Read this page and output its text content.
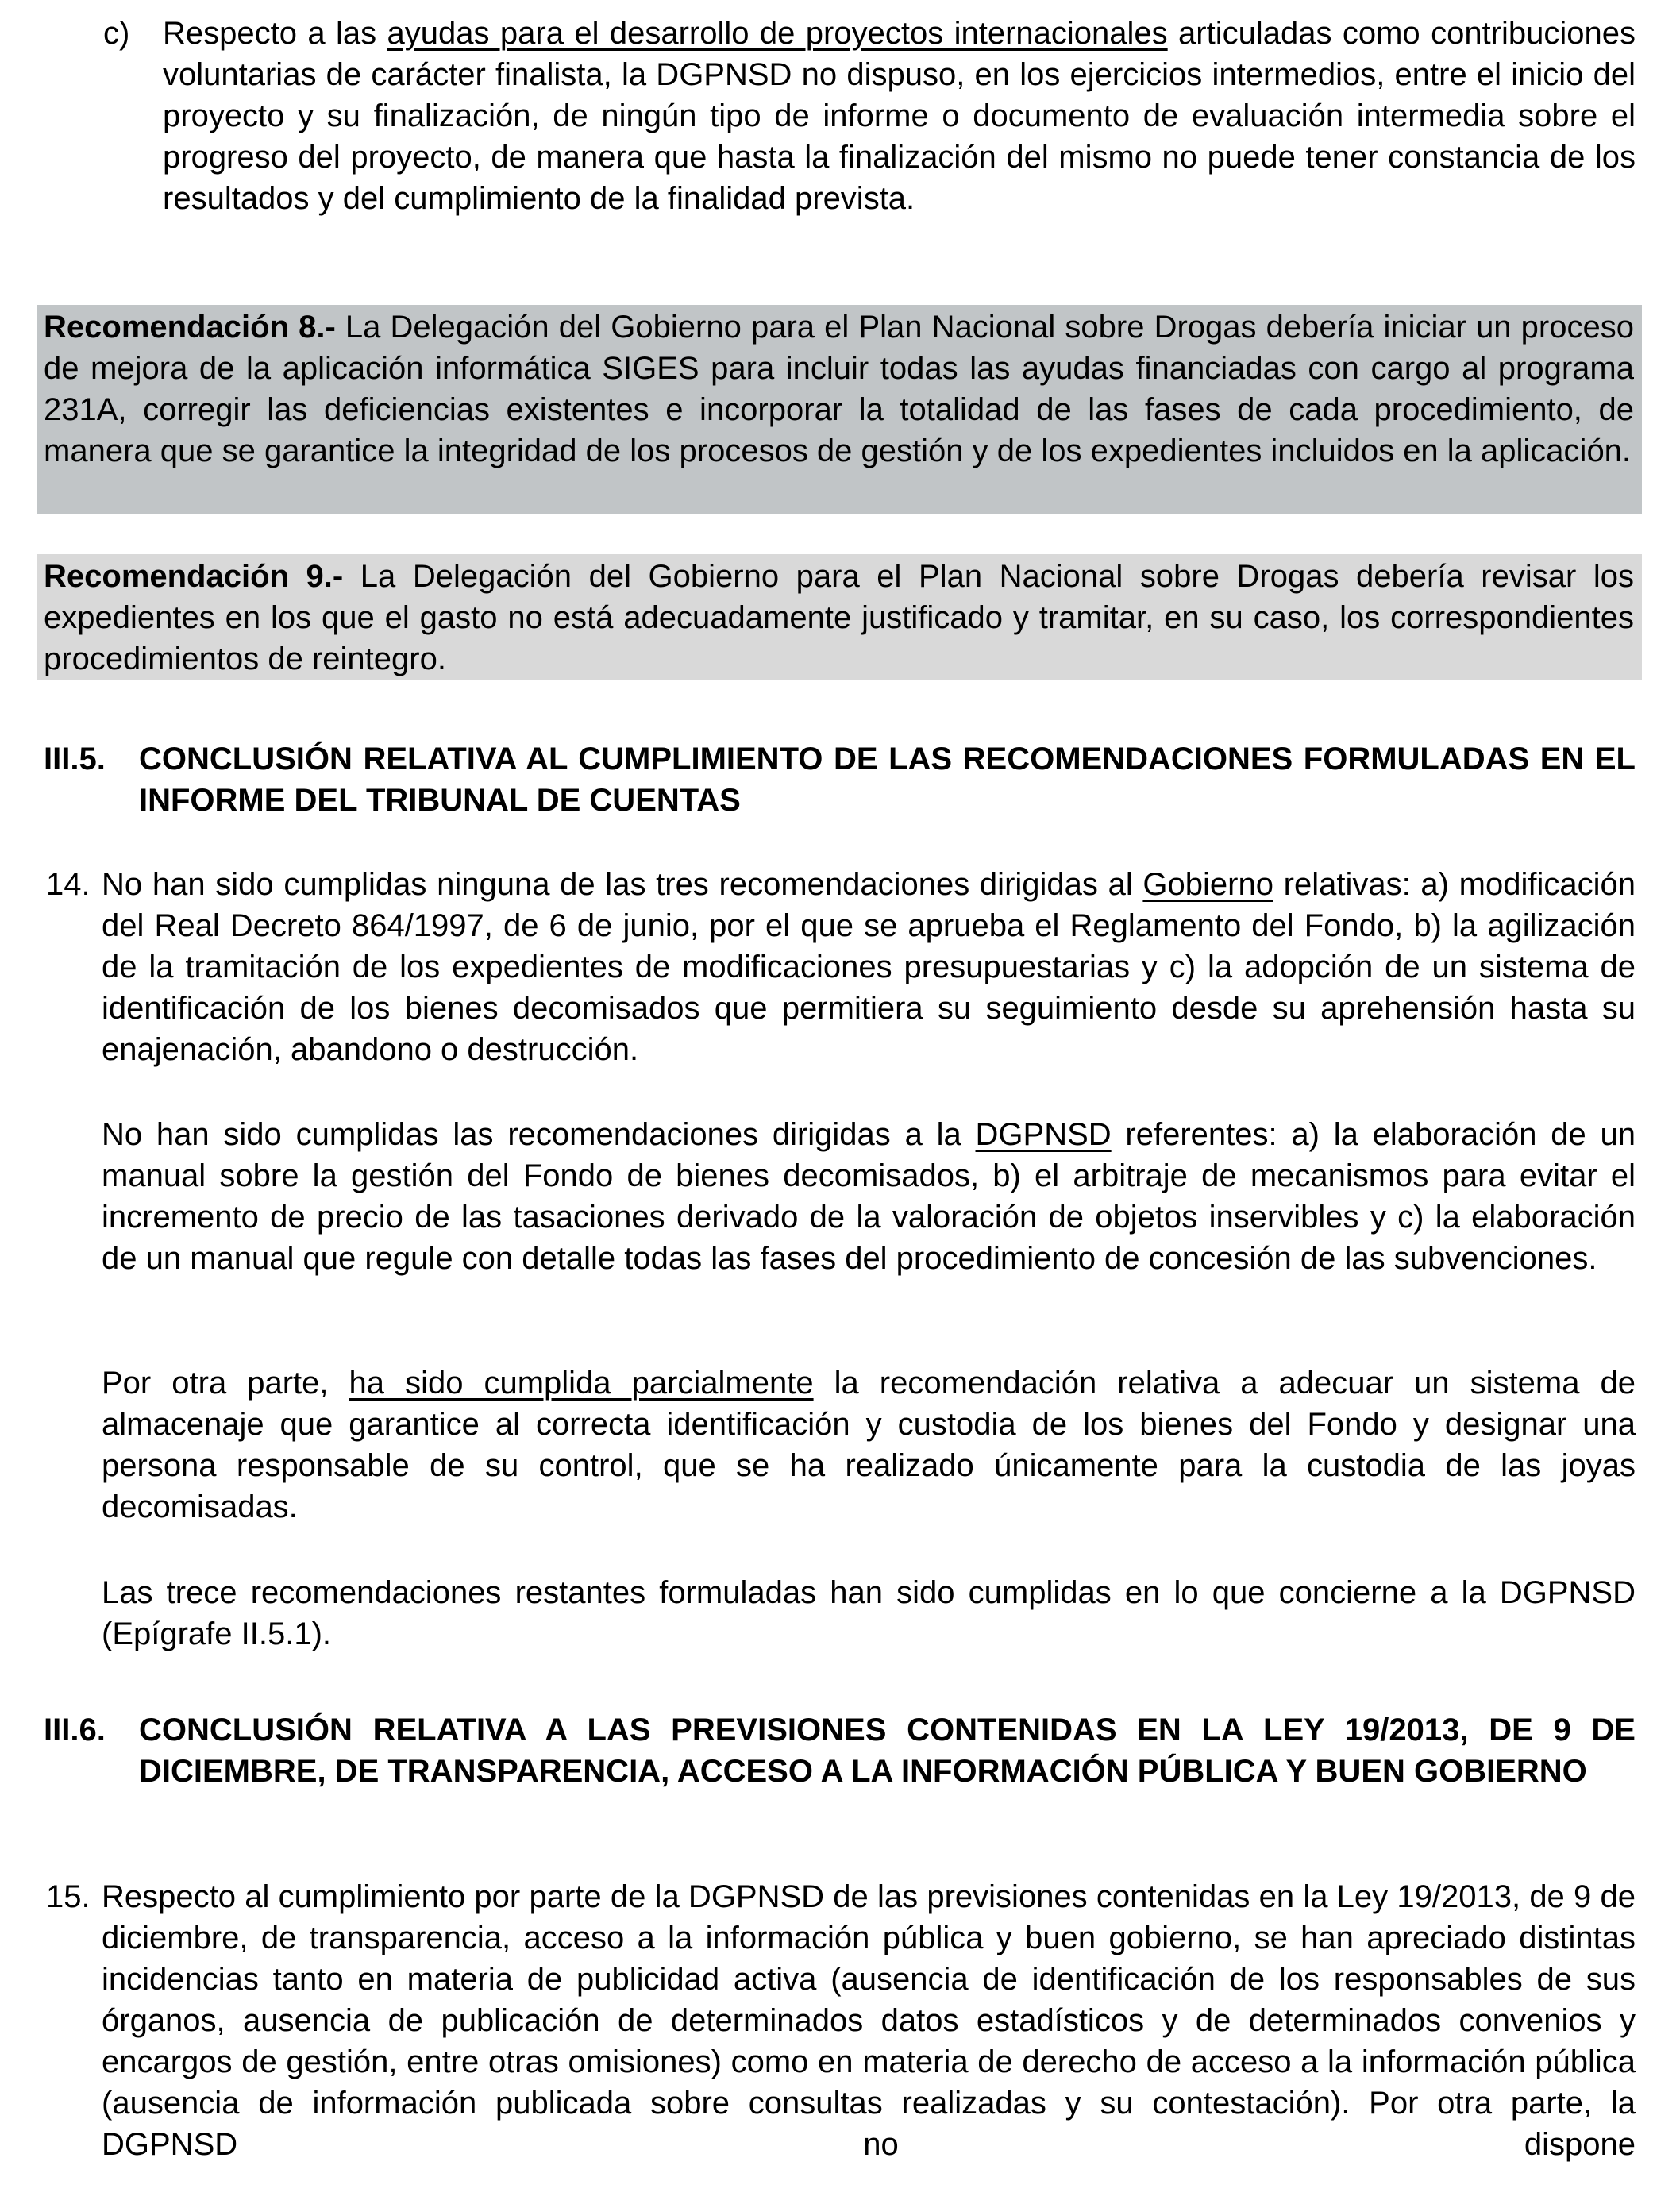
c)	Respecto a las ayudas para el desarrollo de proyectos internacionales articuladas como contribuciones voluntarias de carácter finalista, la DGPNSD no dispuso, en los ejercicios intermedios, entre el inicio del proyecto y su finalización, de ningún tipo de informe o documento de evaluación intermedia sobre el progreso del proyecto, de manera que hasta la finalización del mismo no puede tener constancia de los resultados y del cumplimiento de la finalidad prevista.
Recomendación 8.- La Delegación del Gobierno para el Plan Nacional sobre Drogas debería iniciar un proceso de mejora de la aplicación informática SIGES para incluir todas las ayudas financiadas con cargo al programa 231A, corregir las deficiencias existentes e incorporar la totalidad de las fases de cada procedimiento, de manera que se garantice la integridad de los procesos de gestión y de los expedientes incluidos en la aplicación.
Recomendación 9.- La Delegación del Gobierno para el Plan Nacional sobre Drogas debería revisar los expedientes en los que el gasto no está adecuadamente justificado y tramitar, en su caso, los correspondientes procedimientos de reintegro.
III.5.	CONCLUSIÓN RELATIVA AL CUMPLIMIENTO DE LAS RECOMENDACIONES FORMULADAS EN EL INFORME DEL TRIBUNAL DE CUENTAS
14. No han sido cumplidas ninguna de las tres recomendaciones dirigidas al Gobierno relativas: a) modificación del Real Decreto 864/1997, de 6 de junio, por el que se aprueba el Reglamento del Fondo, b) la agilización de la tramitación de los expedientes de modificaciones presupuestarias y c) la adopción de un sistema de identificación de los bienes decomisados que permitiera su seguimiento desde su aprehensión hasta su enajenación, abandono o destrucción.

No han sido cumplidas las recomendaciones dirigidas a la DGPNSD referentes: a) la elaboración de un manual sobre la gestión del Fondo de bienes decomisados, b) el arbitraje de mecanismos para evitar el incremento de precio de las tasaciones derivado de la valoración de objetos inservibles y c) la elaboración de un manual que regule con detalle todas las fases del procedimiento de concesión de las subvenciones.

Por otra parte, ha sido cumplida parcialmente la recomendación relativa a adecuar un sistema de almacenaje que garantice al correcta identificación y custodia de los bienes del Fondo y designar una persona responsable de su control, que se ha realizado únicamente para la custodia de las joyas decomisadas.

Las trece recomendaciones restantes formuladas han sido cumplidas en lo que concierne a la DGPNSD (Epígrafe II.5.1).

III.6.	CONCLUSIÓN RELATIVA A LAS PREVISIONES CONTENIDAS EN LA LEY 19/2013, DE 9 DE DICIEMBRE, DE TRANSPARENCIA, ACCESO A LA INFORMACIÓN PÚBLICA Y BUEN GOBIERNO
15. Respecto al cumplimiento por parte de la DGPNSD de las previsiones contenidas en la Ley 19/2013, de 9 de diciembre, de transparencia, acceso a la información pública y buen gobierno, se han apreciado distintas incidencias tanto en materia de publicidad activa (ausencia de identificación de los responsables de sus órganos, ausencia de publicación de determinados datos estadísticos y de determinados convenios y encargos de gestión, entre otras omisiones) como en materia de derecho de acceso a la información pública (ausencia de información publicada sobre consultas realizadas y su contestación). Por otra parte, la DGPNSD no dispone
